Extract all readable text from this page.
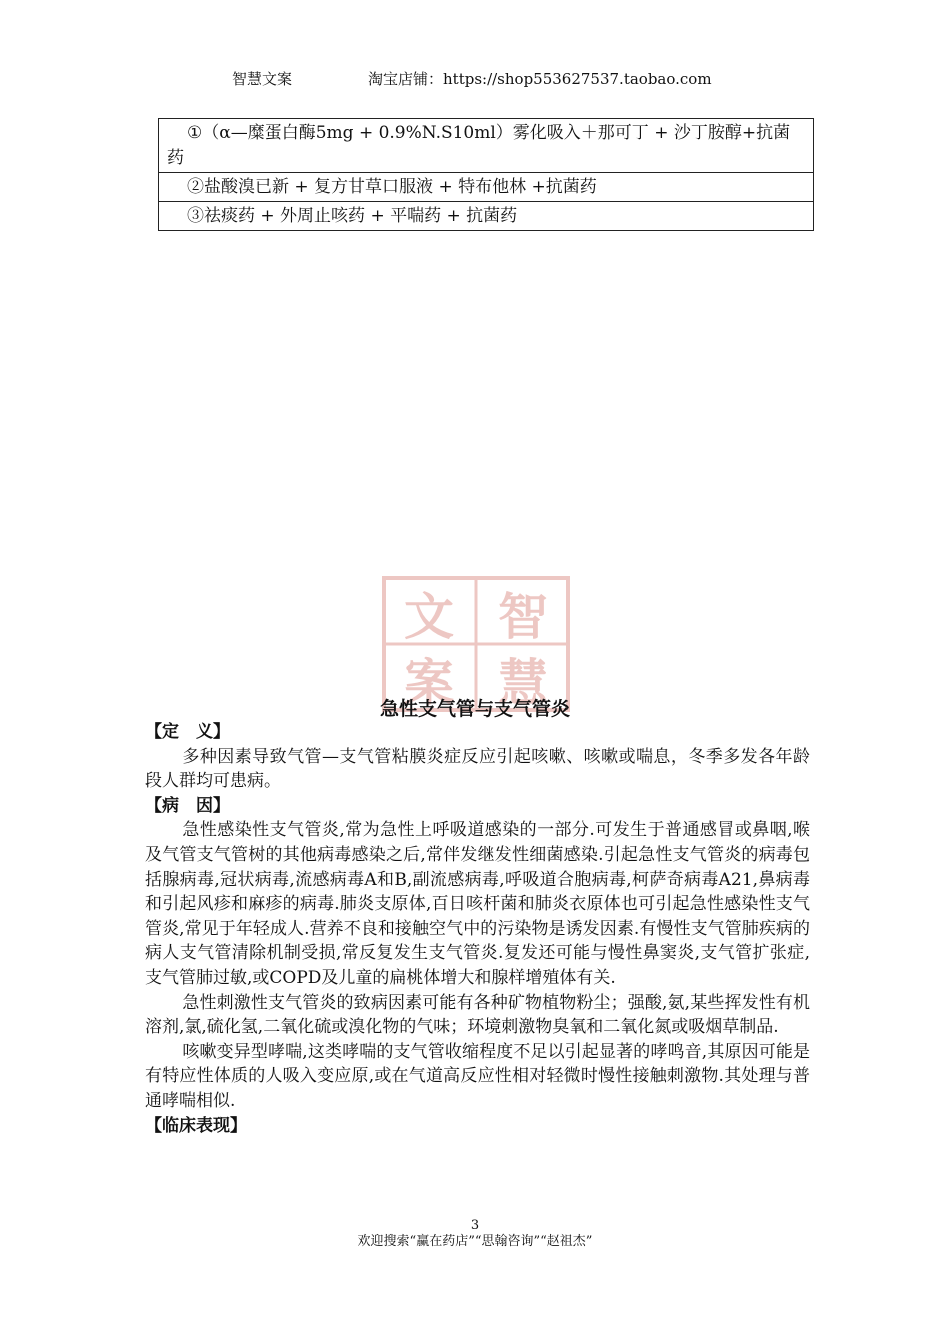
智慧文案	淘宝店铺：https://shop553627537.taobao.com
①（α—糜蛋白酶5mg + 0.9%N.S10ml）雾化吸入＋那可丁 + 沙丁胺醇+抗菌药
②盐酸溴已新 + 复方甘草口服液 + 特布他林 +抗菌药
③祛痰药 + 外周止咳药 + 平喘药 + 抗菌药
智
慧
文
案
急性支气管与支气管炎
【定　义】

多种因素导致气管—支气管粘膜炎症反应引起咳嗽、咳嗽或喘息，冬季多发各年龄段人群均可患病。

【病　因】

急性感染性支气管炎,常为急性上呼吸道感染的一部分.可发生于普通感冒或鼻咽,喉及气管支气管树的其他病毒感染之后,常伴发继发性细菌感染.引起急性支气管炎的病毒包括腺病毒,冠状病毒,流感病毒A和B,副流感病毒,呼吸道合胞病毒,柯萨奇病毒A21,鼻病毒和引起风疹和麻疹的病毒.肺炎支原体,百日咳杆菌和肺炎衣原体也可引起急性感染性支气管炎,常见于年轻成人.营养不良和接触空气中的污染物是诱发因素.有慢性支气管肺疾病的病人支气管清除机制受损,常反复发生支气管炎.复发还可能与慢性鼻窦炎,支气管扩张症,支气管肺过敏,或COPD及儿童的扁桃体增大和腺样增殖体有关.

急性刺激性支气管炎的致病因素可能有各种矿物植物粉尘；强酸,氨,某些挥发性有机溶剂,氯,硫化氢,二氧化硫或溴化物的气味；环境刺激物臭氧和二氧化氮或吸烟草制品.

咳嗽变异型哮喘,这类哮喘的支气管收缩程度不足以引起显著的哮鸣音,其原因可能是有特应性体质的人吸入变应原,或在气道高反应性相对轻微时慢性接触刺激物.其处理与普通哮喘相似.

【临床表现】
3
欢迎搜索“赢在药店”“思翰咨询”“赵祖杰”
